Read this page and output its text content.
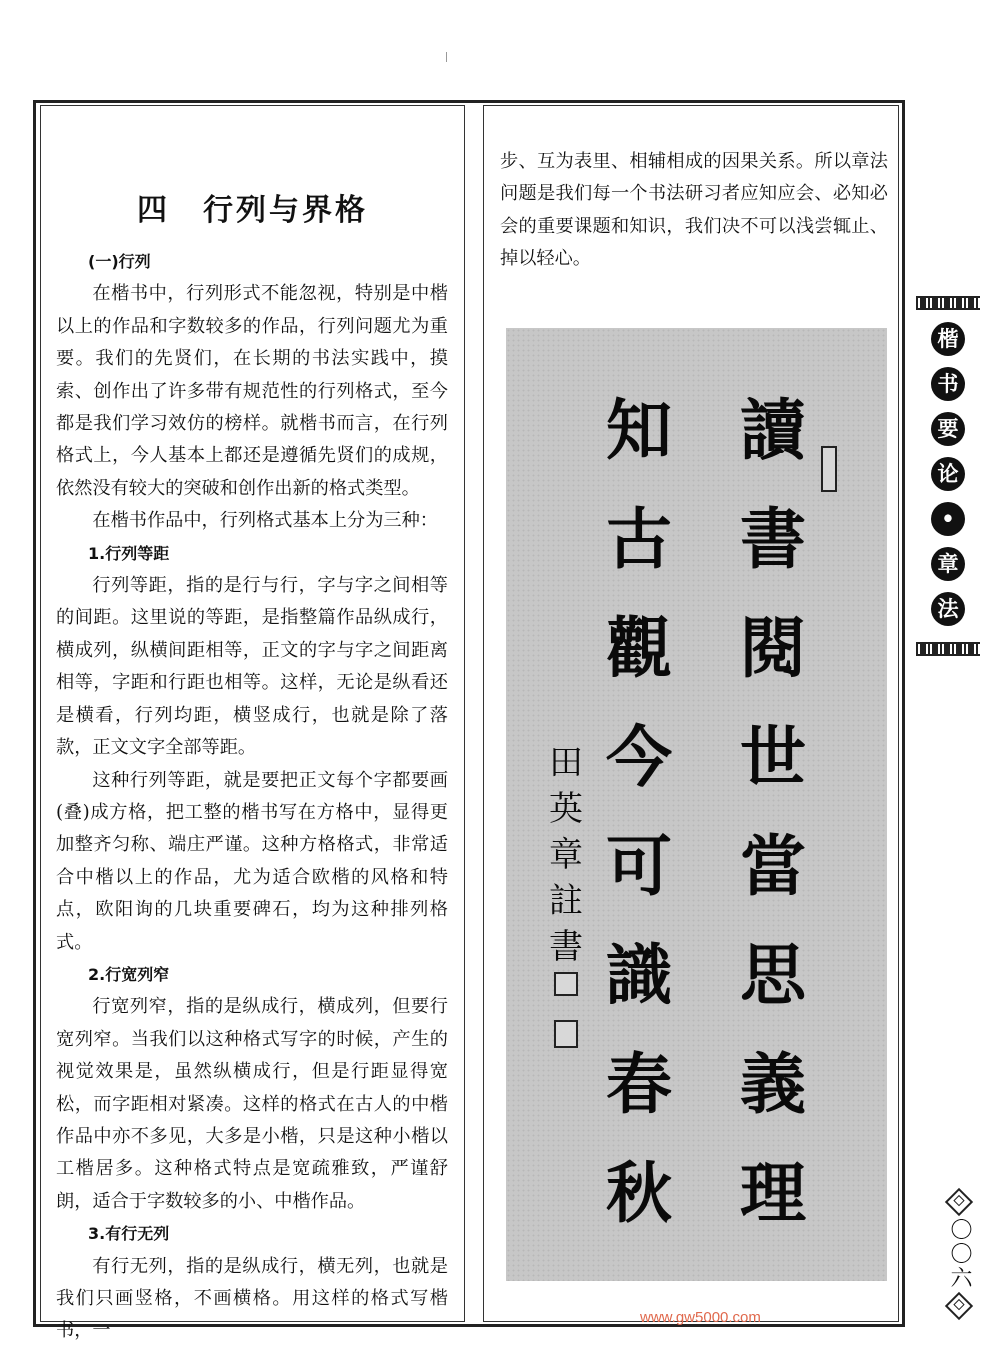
四　行列与界格
(一)行列

在楷书中，行列形式不能忽视，特别是中楷以上的作品和字数较多的作品，行列问题尤为重要。我们的先贤们，在长期的书法实践中，摸索、创作出了许多带有规范性的行列格式，至今都是我们学习效仿的榜样。就楷书而言，在行列格式上，今人基本上都还是遵循先贤们的成规，依然没有较大的突破和创作出新的格式类型。

在楷书作品中，行列格式基本上分为三种：

1.行列等距

行列等距，指的是行与行，字与字之间相等的间距。这里说的等距，是指整篇作品纵成行，横成列，纵横间距相等，正文的字与字之间距离相等，字距和行距也相等。这样，无论是纵看还是横看，行列均距，横竖成行，也就是除了落款，正文文字全部等距。

这种行列等距，就是要把正文每个字都要画(叠)成方格，把工整的楷书写在方格中，显得更加整齐匀称、端庄严谨。这种方格格式，非常适合中楷以上的作品，尤为适合欧楷的风格和特点，欧阳询的几块重要碑石，均为这种排列格式。

2.行宽列窄

行宽列窄，指的是纵成行，横成列，但要行宽列窄。当我们以这种格式写字的时候，产生的视觉效果是，虽然纵横成行，但是行距显得宽松，而字距相对紧凑。这样的格式在古人的中楷作品中亦不多见，大多是小楷，只是这种小楷以工楷居多。这种格式特点是宽疏雅致，严谨舒朗，适合于字数较多的小、中楷作品。

3.有行无列

有行无列，指的是纵成行，横无列，也就是我们只画竖格，不画横格。用这样的格式写楷书，一

步、互为表里、相辅相成的因果关系。所以章法问题是我们每一个书法研习者应知应会、必知必会的重要课题和知识，我们决不可以浅尝辄止、掉以轻心。
讀
書
閱
世
當
思
義
理
知
古
觀
今
可
識
春
秋
田
英
章
註
書
楷
书
要
论
•
章
法
〇〇六
www.gw5000.com
